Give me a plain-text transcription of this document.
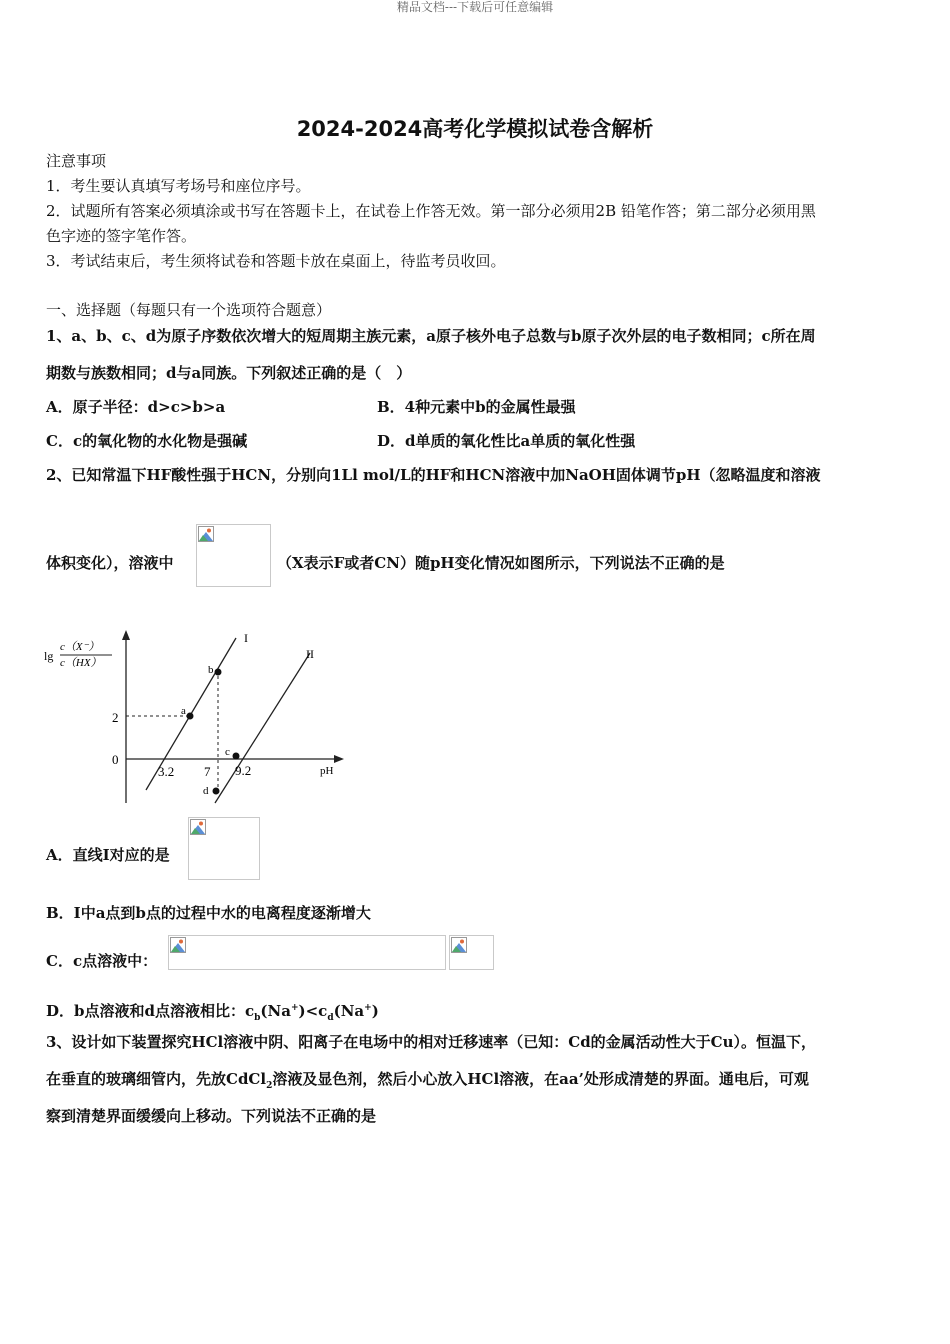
精品文档---下载后可任意编辑
2024-2024高考化学模拟试卷含解析
注意事项
1．考生要认真填写考场号和座位序号。
2．试题所有答案必须填涂或书写在答题卡上，在试卷上作答无效。第一部分必须用2B 铅笔作答；第二部分必须用黑
色字迹的签字笔作答。
3．考试结束后，考生须将试卷和答题卡放在桌面上，待监考员收回。
一、选择题（每题只有一个选项符合题意）
1、a、b、c、d为原子序数依次增大的短周期主族元素，a原子核外电子总数与b原子次外层的电子数相同；c所在周
期数与族数相同；d与a同族。下列叙述正确的是（　）
A．原子半径：d>c>b>a	B．4种元素中b的金属性最强
C．c的氧化物的水化物是强碱	D．d单质的氧化性比a单质的氧化性强
2、已知常温下HF酸性强于HCN，分别向1Ll mol/L的HF和HCN溶液中加NaOH固体调节pH（忽略温度和溶液
体积变化），溶液中	（X表示F或者CN）随pH变化情况如图所示，下列说法不正确的是
lg
c（X⁻）
c（HX）
pH
2
0
I
II
a
b
c
d
3.2 7 9.2
A．直线I对应的是
B．I中a点到b点的过程中水的电离程度逐渐增大
C．c点溶液中：
D．b点溶液和d点溶液相比：$c_b(Na^+)<c_d(Na^+)$
3、设计如下装置探究HCl溶液中阴、阳离子在电场中的相对迁移速率（已知：Cd的金属活动性大于Cu）。恒温下，
在垂直的玻璃细管内，先放CdCl$_2$溶液及显色剂，然后小心放入HCl溶液，在aa’处形成清楚的界面。通电后，可观
察到清楚界面缓缓向上移动。下列说法不正确的是
